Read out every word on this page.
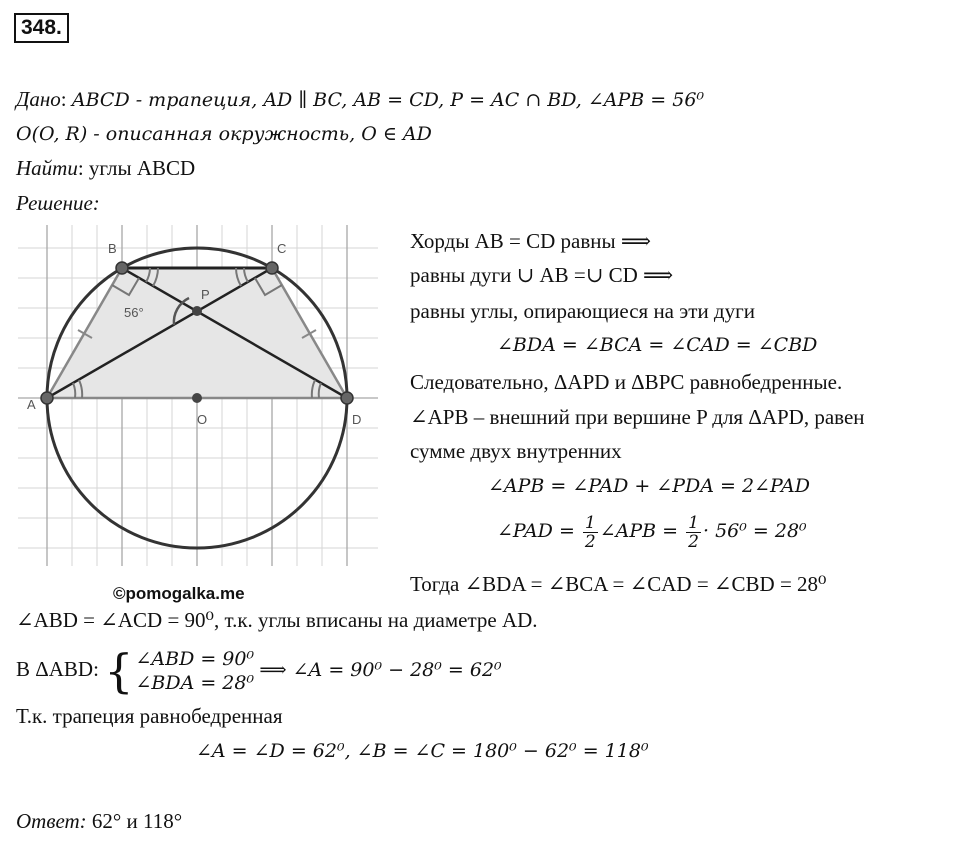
348.
Дано: ABCD - трапеция, AD ∥ BC, AB = CD, P = AC ∩ BD, ∠APB = 56⁰
O(O, R) - описанная окружность, O ∈ AD
Найти: углы ABCD
Решение:
A
B	C
D
O
P
56°
©pomogalka.me
Хорды AB = CD равны ⟹
равны дуги ∪ AB =∪ CD ⟹
равны углы, опирающиеся на эти дуги
∠BDA = ∠BCA = ∠CAD = ∠CBD
Следовательно, ΔAPD и ΔBPC равнобедренные.
∠APB – внешний при вершине P для ΔAPD, равен
сумме двух внутренних
∠APB = ∠PAD + ∠PDA = 2∠PAD
∠PAD = $\frac{1}{2}$ ∠APB = $\frac{1}{2} \cdot 56^0 = 28^0$
Тогда ∠BDA = ∠BCA = ∠CAD = ∠CBD = 28⁰
∠ABD = ∠ACD = 90⁰, т.к. углы вписаны на диаметре AD.
В ΔABD: { ∠ABD = 90⁰
∠BDA = 28⁰
⟹ ∠A = 90⁰ − 28⁰ = 62⁰
Т.к. трапеция равнобедренная
∠A = ∠D = 62⁰, ∠B = ∠C = 180⁰ − 62⁰ = 118⁰
Ответ: 62° и 118°
